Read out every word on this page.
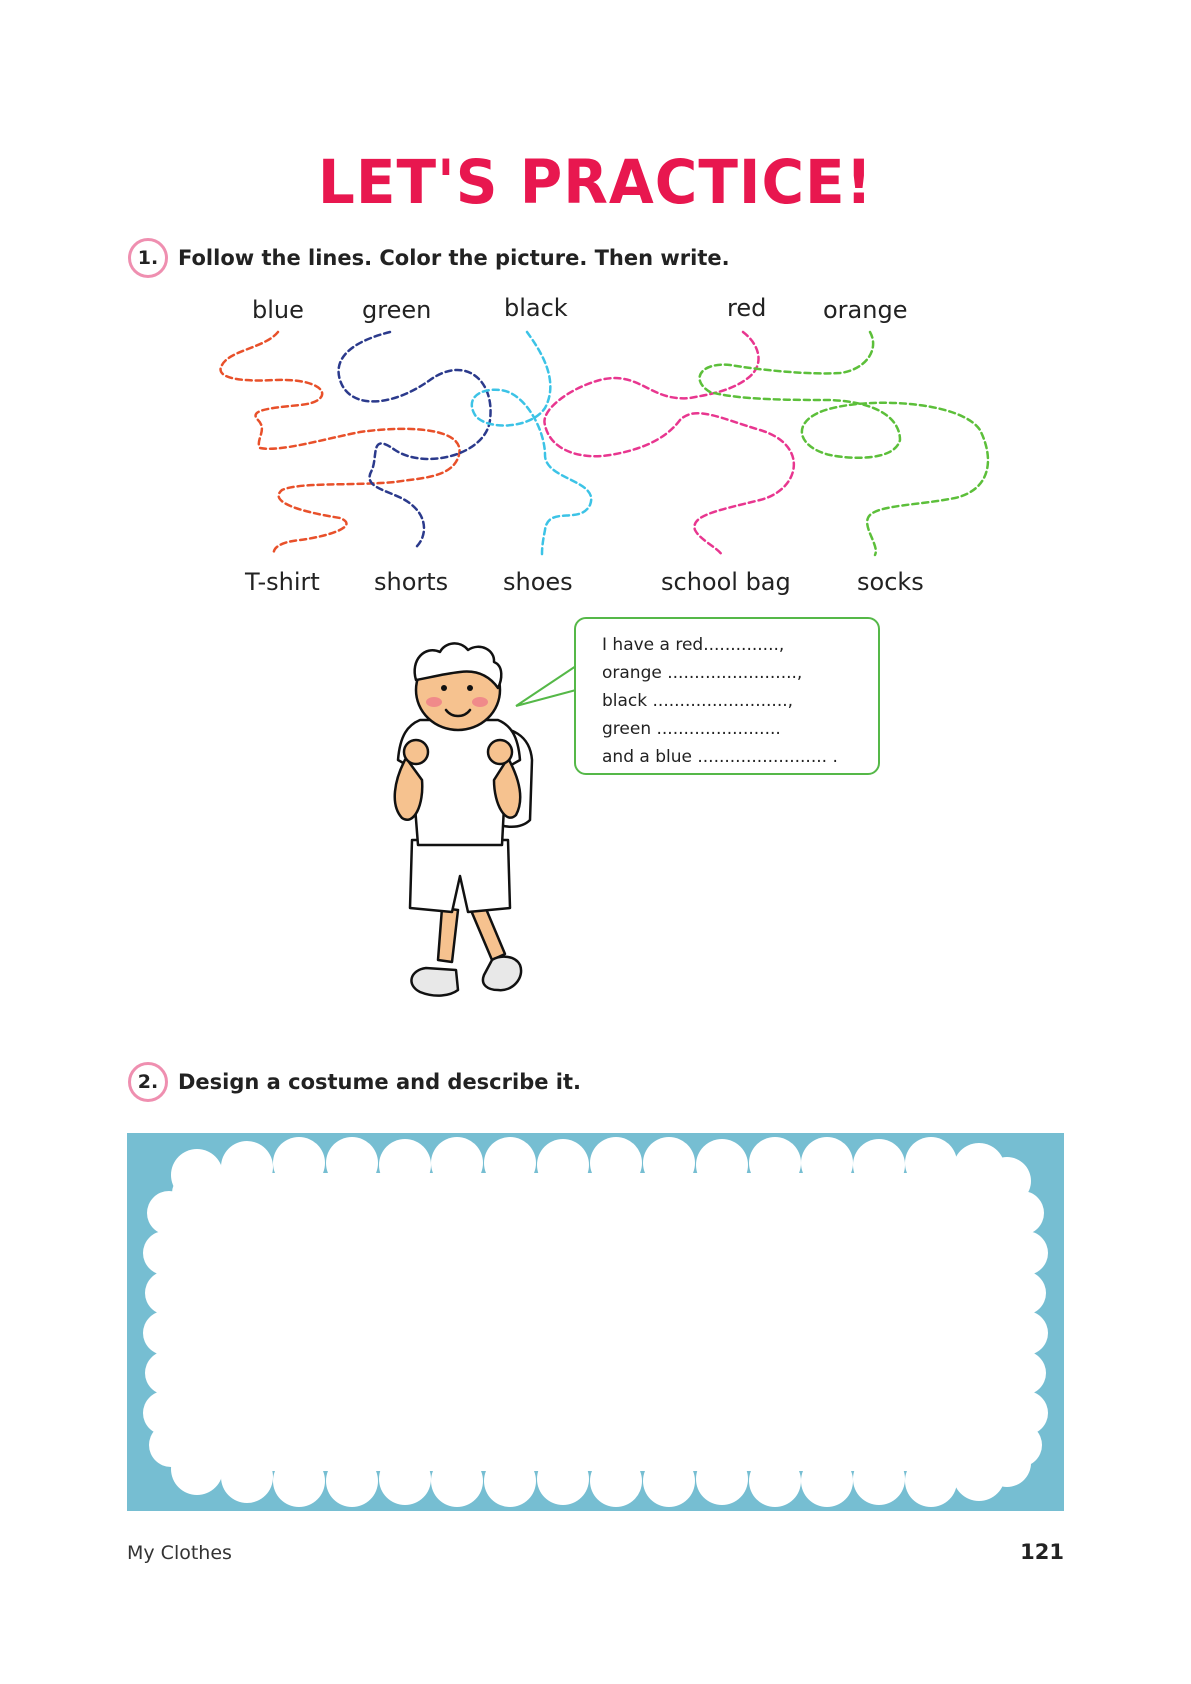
LET'S PRACTICE!
1. Follow the lines. Color the picture. Then write.
blue green	black	red orange
T-shirt shorts shoes	school bag	socks
I have a red..............,
orange ........................,
black .........................,
green .......................
and a blue ........................ .
2. Design a costume and describe it.
My Clothes	121
